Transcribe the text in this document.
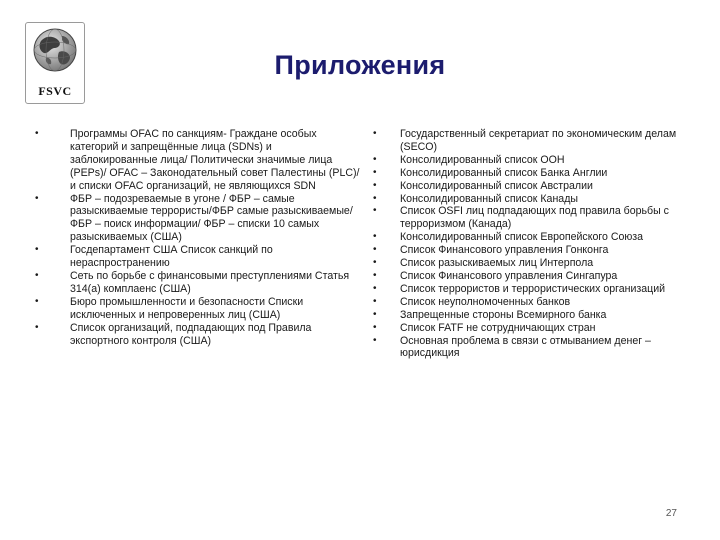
FSVC
Приложения
•	Программы OFAC по санкциям- Граждане особых категорий и запрещённые лица (SDNs) и заблокированные лица/ Политически значимые лица (PEPs)/ OFAC – Законодательный совет Палестины (PLC)/ и списки OFAC организаций, не являющихся SDN
•	ФБР – подозреваемые в угоне / ФБР – самые разыскиваемые террористы/ФБР самые разыскиваемые/ ФБР – поиск информации/ ФБР – списки 10 самых разыскиваемых (США)
•	Госдепартамент США Список санкций по нераспространению
•	Сеть по борьбе с финансовыми преступлениями Статья 314(a) комплаенс (США)
•	Бюро промышленности и безопасности Списки исключенных и непроверенных лиц (США)
•	Список организаций, подпадающих под Правила экспортного контроля (США)
• Государственный секретариат по экономическим делам (SECO)
• Консолидированный список ООН
• Консолидированный список Банка Англии
• Консолидированный список Австралии
• Консолидированный список Канады
• Список OSFI лиц подпадающих под правила борьбы с терроризмом (Канада)
• Консолидированный список Европейского Союза
• Список Финансового управления Гонконга
• Список разыскиваемых лиц Интерпола
• Список Финансового управления Сингапура
• Список террористов и террористических организаций
• Список неуполномоченных банков
• Запрещенные стороны Всемирного банка
• Список FATF не сотрудничающих стран
• Основная проблема в связи с отмыванием денег – юрисдикция
27
